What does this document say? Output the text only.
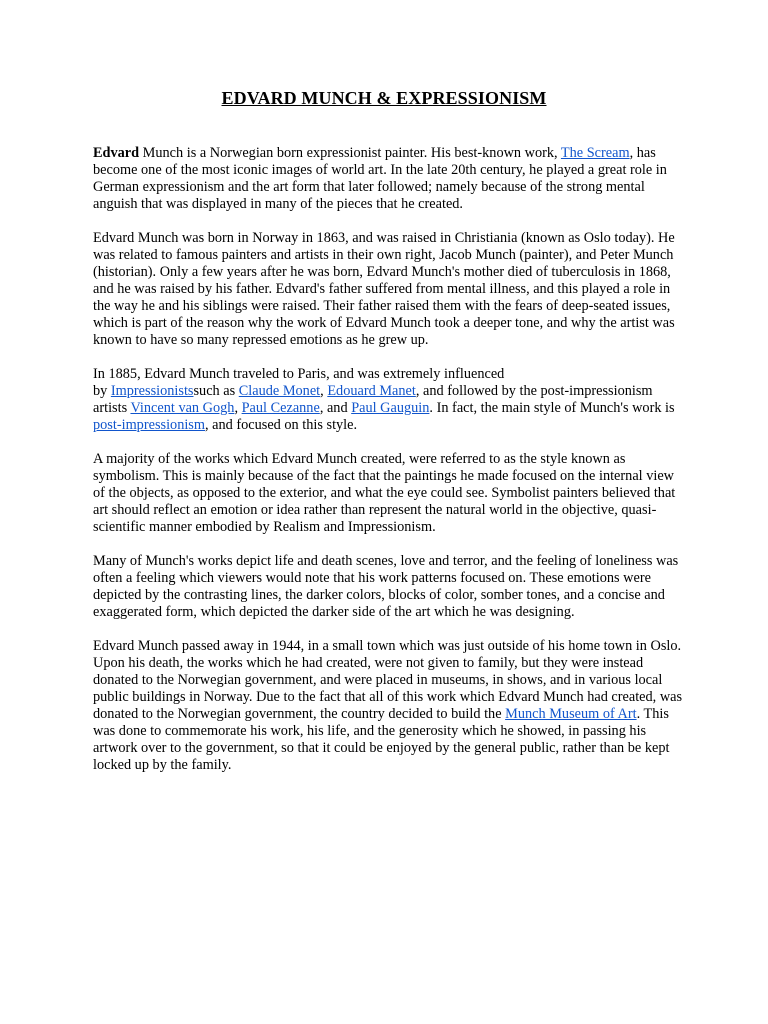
EDVARD MUNCH & EXPRESSIONISM

Edvard Munch is a Norwegian born expressionist painter. His best-known work, The Scream, has become one of the most iconic images of world art. In the late 20th century, he played a great role in German expressionism and the art form that later followed; namely because of the strong mental anguish that was displayed in many of the pieces that he created.

Edvard Munch was born in Norway in 1863, and was raised in Christiania (known as Oslo today). He was related to famous painters and artists in their own right, Jacob Munch (painter), and Peter Munch (historian). Only a few years after he was born, Edvard Munch's mother died of tuberculosis in 1868, and he was raised by his father. Edvard's father suffered from mental illness, and this played a role in the way he and his siblings were raised. Their father raised them with the fears of deep-seated issues, which is part of the reason why the work of Edvard Munch took a deeper tone, and why the artist was known to have so many repressed emotions as he grew up.

In 1885, Edvard Munch traveled to Paris, and was extremely influenced
by Impressionistssuch as Claude Monet, Edouard Manet, and followed by the post-impressionism artists Vincent van Gogh, Paul Cezanne, and Paul Gauguin. In fact, the main style of Munch's work is post-impressionism, and focused on this style.

A majority of the works which Edvard Munch created, were referred to as the style known as symbolism. This is mainly because of the fact that the paintings he made focused on the internal view of the objects, as opposed to the exterior, and what the eye could see. Symbolist painters believed that art should reflect an emotion or idea rather than represent the natural world in the objective, quasi-scientific manner embodied by Realism and Impressionism.

Many of Munch's works depict life and death scenes, love and terror, and the feeling of loneliness was often a feeling which viewers would note that his work patterns focused on. These emotions were depicted by the contrasting lines, the darker colors, blocks of color, somber tones, and a concise and exaggerated form, which depicted the darker side of the art which he was designing.

Edvard Munch passed away in 1944, in a small town which was just outside of his home town in Oslo. Upon his death, the works which he had created, were not given to family, but they were instead donated to the Norwegian government, and were placed in museums, in shows, and in various local public buildings in Norway. Due to the fact that all of this work which Edvard Munch had created, was donated to the Norwegian government, the country decided to build the Munch Museum of Art. This was done to commemorate his work, his life, and the generosity which he showed, in passing his artwork over to the government, so that it could be enjoyed by the general public, rather than be kept locked up by the family.
